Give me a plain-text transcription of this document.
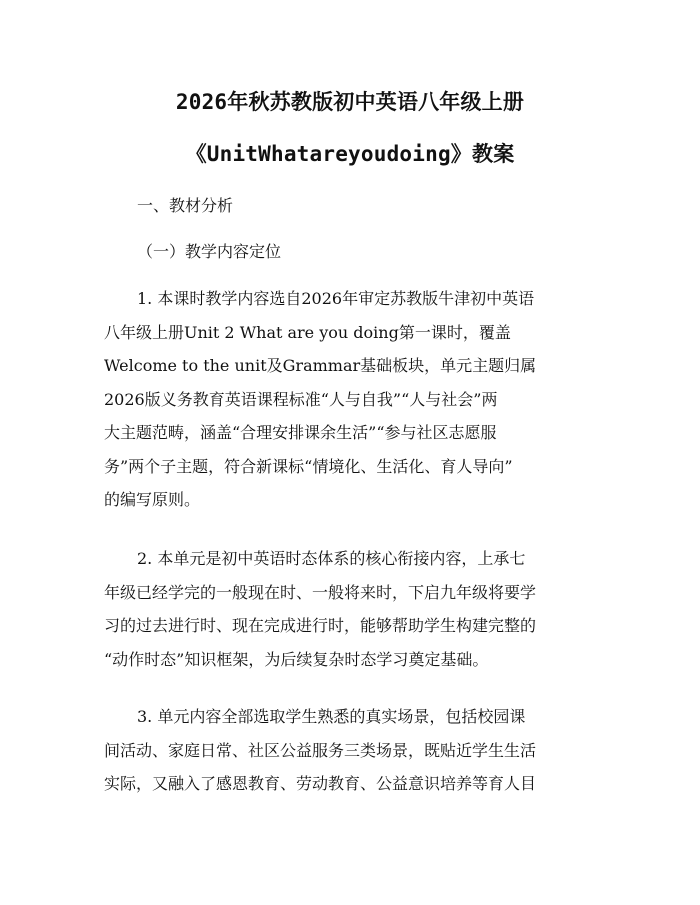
2026年秋苏教版初中英语八年级上册
《UnitWhatareyoudoing》教案
一、教材分析
（一）教学内容定位
1. 本课时教学内容选自2026年审定苏教版牛津初中英语
八年级上册Unit 2 What are you doing第一课时，覆盖
Welcome to the unit及Grammar基础板块，单元主题归属
2026版义务教育英语课程标准“人与自我”“人与社会”两
大主题范畴，涵盖“合理安排课余生活”“参与社区志愿服
务”两个子主题，符合新课标“情境化、生活化、育人导向”
的编写原则。
2. 本单元是初中英语时态体系的核心衔接内容，上承七
年级已经学完的一般现在时、一般将来时，下启九年级将要学
习的过去进行时、现在完成进行时，能够帮助学生构建完整的
“动作时态”知识框架，为后续复杂时态学习奠定基础。
3. 单元内容全部选取学生熟悉的真实场景，包括校园课
间活动、家庭日常、社区公益服务三类场景，既贴近学生生活
实际，又融入了感恩教育、劳动教育、公益意识培养等育人目
